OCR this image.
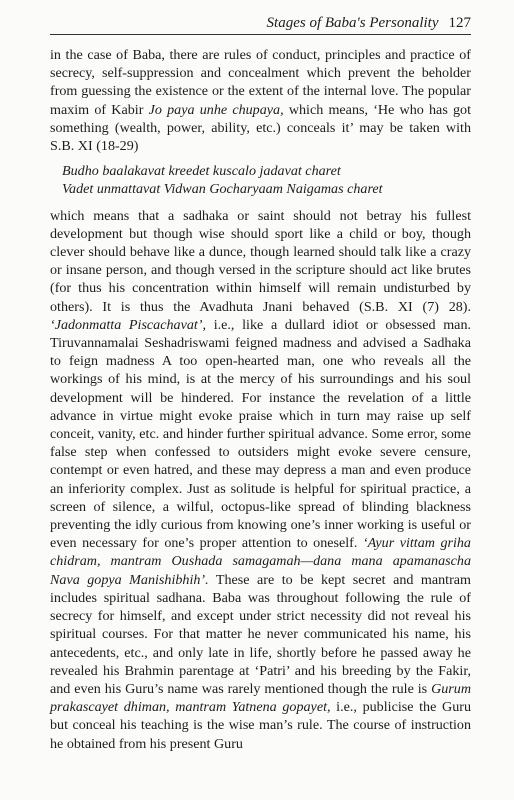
Stages of Baba's Personality 127

in the case of Baba, there are rules of conduct, principles and practice of secrecy, self-suppression and concealment which prevent the beholder from guessing the existence or the extent of the internal love. The popular maxim of Kabir Jo paya unhe chupaya, which means, ‘He who has got something (wealth, power, ability, etc.) conceals it’ may be taken with S.B. XI (18-29)

Budho baalakavat kreedet kuscalo jadavat charet
Vadet unmattavat Vidwan Gocharyaam Naigamas charet

which means that a sadhaka or saint should not betray his fullest development but though wise should sport like a child or boy, though clever should behave like a dunce, though learned should talk like a crazy or insane person, and though versed in the scripture should act like brutes (for thus his concentration within himself will remain undisturbed by others). It is thus the Avadhuta Jnani behaved (S.B. XI (7) 28). ‘Jadonmatta Piscachavat’, i.e., like a dullard idiot or obsessed man. Tiruvannamalai Seshadriswami feigned madness and advised a Sadhaka to feign madness A too open-hearted man, one who reveals all the workings of his mind, is at the mercy of his surroundings and his soul development will be hindered. For instance the revelation of a little advance in virtue might evoke praise which in turn may raise up self conceit, vanity, etc. and hinder further spiritual advance. Some error, some false step when confessed to outsiders might evoke severe censure, contempt or even hatred, and these may depress a man and even produce an inferiority complex. Just as solitude is helpful for spiritual practice, a screen of silence, a wilful, octopus-like spread of blinding blackness preventing the idly curious from knowing one’s inner working is useful or even necessary for one’s proper attention to oneself. ‘Ayur vittam griha chidram, mantram Oushada samagamah—dana mana apamanascha Nava gopya Manishibhih’. These are to be kept secret and mantram includes spiritual sadhana. Baba was throughout following the rule of secrecy for himself, and except under strict necessity did not reveal his spiritual courses. For that matter he never communicated his name, his antecedents, etc., and only late in life, shortly before he passed away he revealed his Brahmin parentage at ‘Patri’ and his breeding by the Fakir, and even his Guru’s name was rarely mentioned though the rule is Gurum prakascayet dhiman, mantram Yatnena gopayet, i.e., publicise the Guru but conceal his teaching is the wise man’s rule. The course of instruction he obtained from his present Guru
